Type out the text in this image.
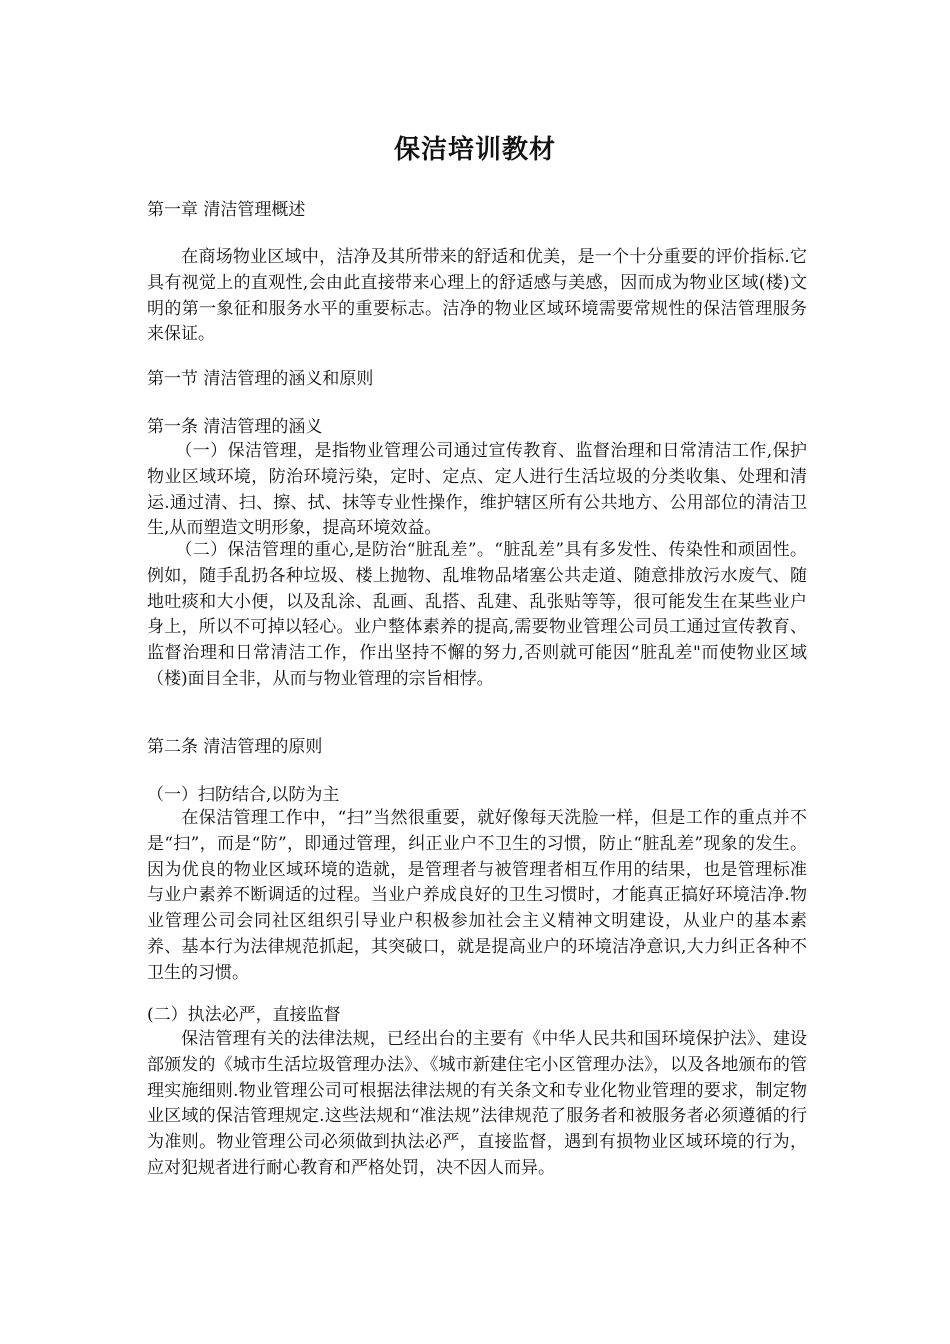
保洁培训教材
第一章 清洁管理概述
在商场物业区域中，洁净及其所带来的舒适和优美，是一个十分重要的评价指标.它具有视觉上的直观性,会由此直接带来心理上的舒适感与美感，因而成为物业区域(楼)文明的第一象征和服务水平的重要标志。洁净的物业区域环境需要常规性的保洁管理服务来保证。
第一节 清洁管理的涵义和原则
第一条 清洁管理的涵义
（一）保洁管理，是指物业管理公司通过宣传教育、监督治理和日常清洁工作,保护物业区域环境，防治环境污染，定时、定点、定人进行生活垃圾的分类收集、处理和清运.通过清、扫、擦、拭、抹等专业性操作，维护辖区所有公共地方、公用部位的清洁卫生,从而塑造文明形象，提高环境效益。
（二）保洁管理的重心,是防治“脏乱差”。“脏乱差”具有多发性、传染性和顽固性。例如，随手乱扔各种垃圾、楼上抛物、乱堆物品堵塞公共走道、随意排放污水废气、随地吐痰和大小便，以及乱涂、乱画、乱搭、乱建、乱张贴等等，很可能发生在某些业户身上，所以不可掉以轻心。业户整体素养的提高,需要物业管理公司员工通过宣传教育、监督治理和日常清洁工作，作出坚持不懈的努力,否则就可能因“脏乱差"而使物业区域（楼)面目全非，从而与物业管理的宗旨相悖。
第二条 清洁管理的原则
（一）扫防结合,以防为主
在保洁管理工作中，“扫”当然很重要，就好像每天洗脸一样，但是工作的重点并不是“扫”，而是“防”，即通过管理，纠正业户不卫生的习惯，防止“脏乱差”现象的发生。因为优良的物业区域环境的造就，是管理者与被管理者相互作用的结果，也是管理标准与业户素养不断调适的过程。当业户养成良好的卫生习惯时，才能真正搞好环境洁净.物业管理公司会同社区组织引导业户积极参加社会主义精神文明建设，从业户的基本素养、基本行为法律规范抓起，其突破口，就是提高业户的环境洁净意识,大力纠正各种不卫生的习惯。
(二）执法必严，直接监督
保洁管理有关的法律法规，已经出台的主要有《中华人民共和国环境保护法》、建设部颁发的《城市生活垃圾管理办法》、《城市新建住宅小区管理办法》，以及各地颁布的管理实施细则.物业管理公司可根据法律法规的有关条文和专业化物业管理的要求，制定物业区域的保洁管理规定.这些法规和“准法规”法律规范了服务者和被服务者必须遵循的行为准则。物业管理公司必须做到执法必严，直接监督，遇到有损物业区域环境的行为，应对犯规者进行耐心教育和严格处罚，决不因人而异。
